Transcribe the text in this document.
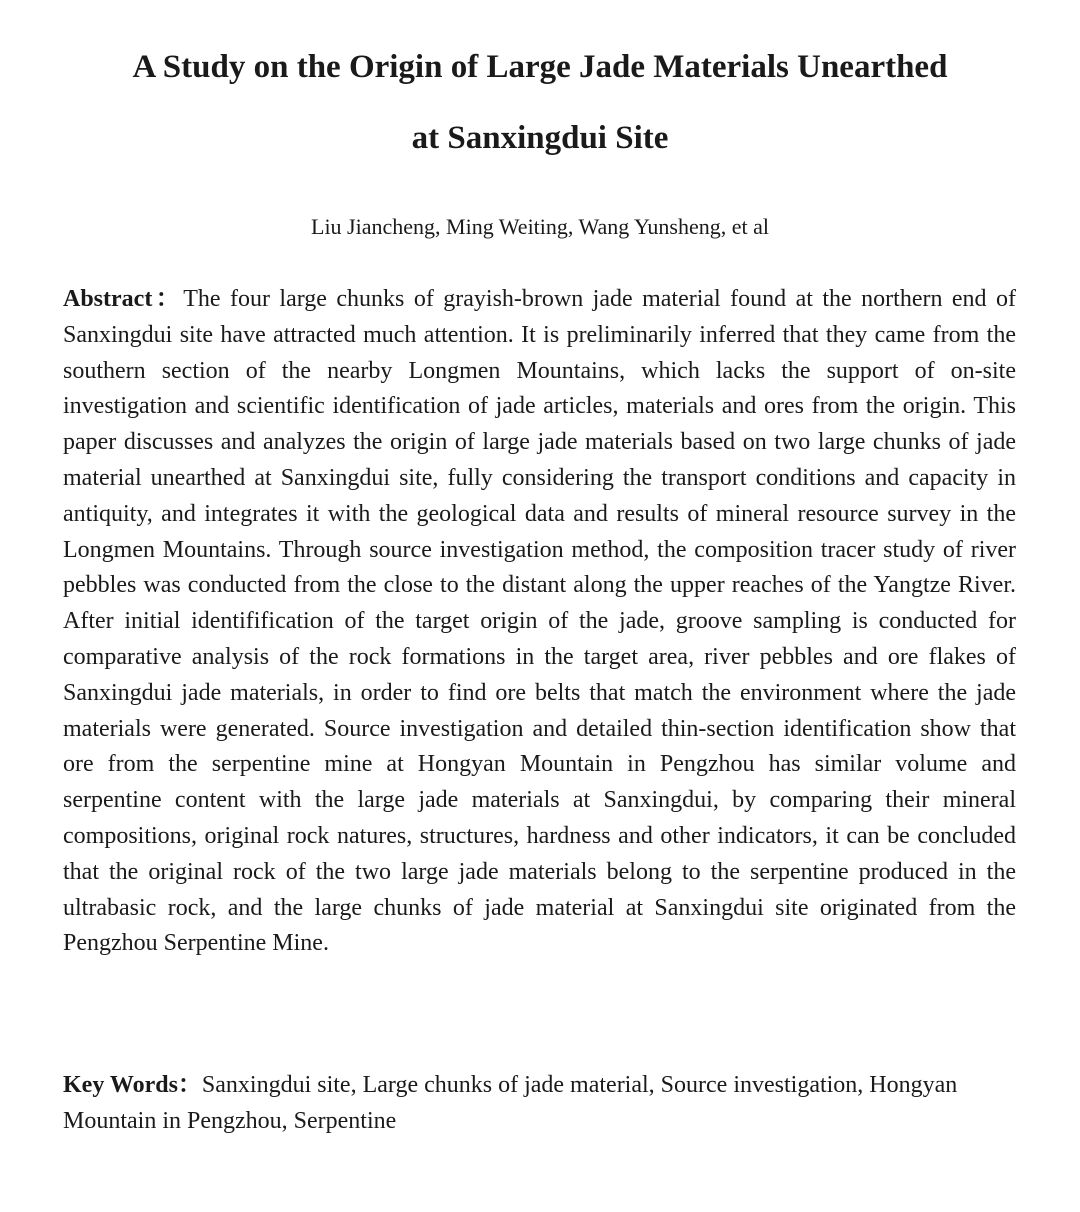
A Study on the Origin of Large Jade Materials Unearthed
at Sanxingdui Site
Liu Jiancheng, Ming Weiting, Wang Yunsheng, et al

Abstract：The four large chunks of grayish-brown jade material found at the northern end of Sanxingdui site have attracted much attention. It is preliminarily inferred that they came from the southern section of the nearby Longmen Mountains, which lacks the support of on-site investigation and scientific identification of jade articles, materials and ores from the origin. This paper discusses and analyzes the origin of large jade materials based on two large chunks of jade material unearthed at Sanxingdui site, fully considering the transport conditions and capacity in antiquity, and integrates it with the geological data and results of mineral resource survey in the Longmen Mountains. Through source investigation method, the composition tracer study of river pebbles was conducted from the close to the distant along the upper reaches of the Yangtze River. After initial identifification of the target origin of the jade, groove sampling is conducted for comparative analysis of the rock formations in the target area, river pebbles and ore flakes of Sanxingdui jade materials, in order to find ore belts that match the environment where the jade materials were generated. Source investigation and detailed thin-section identification show that ore from the serpentine mine at Hongyan Mountain in Pengzhou has similar volume and serpentine content with the large jade materials at Sanxingdui, by comparing their mineral compositions, original rock natures, structures, hardness and other indicators, it can be concluded that the original rock of the two large jade materials belong to the serpentine produced in the ultrabasic rock, and the large chunks of jade material at Sanxingdui site originated from the Pengzhou Serpentine Mine.

Key Words：Sanxingdui site, Large chunks of jade material, Source investigation, Hongyan Mountain in Pengzhou, Serpentine
